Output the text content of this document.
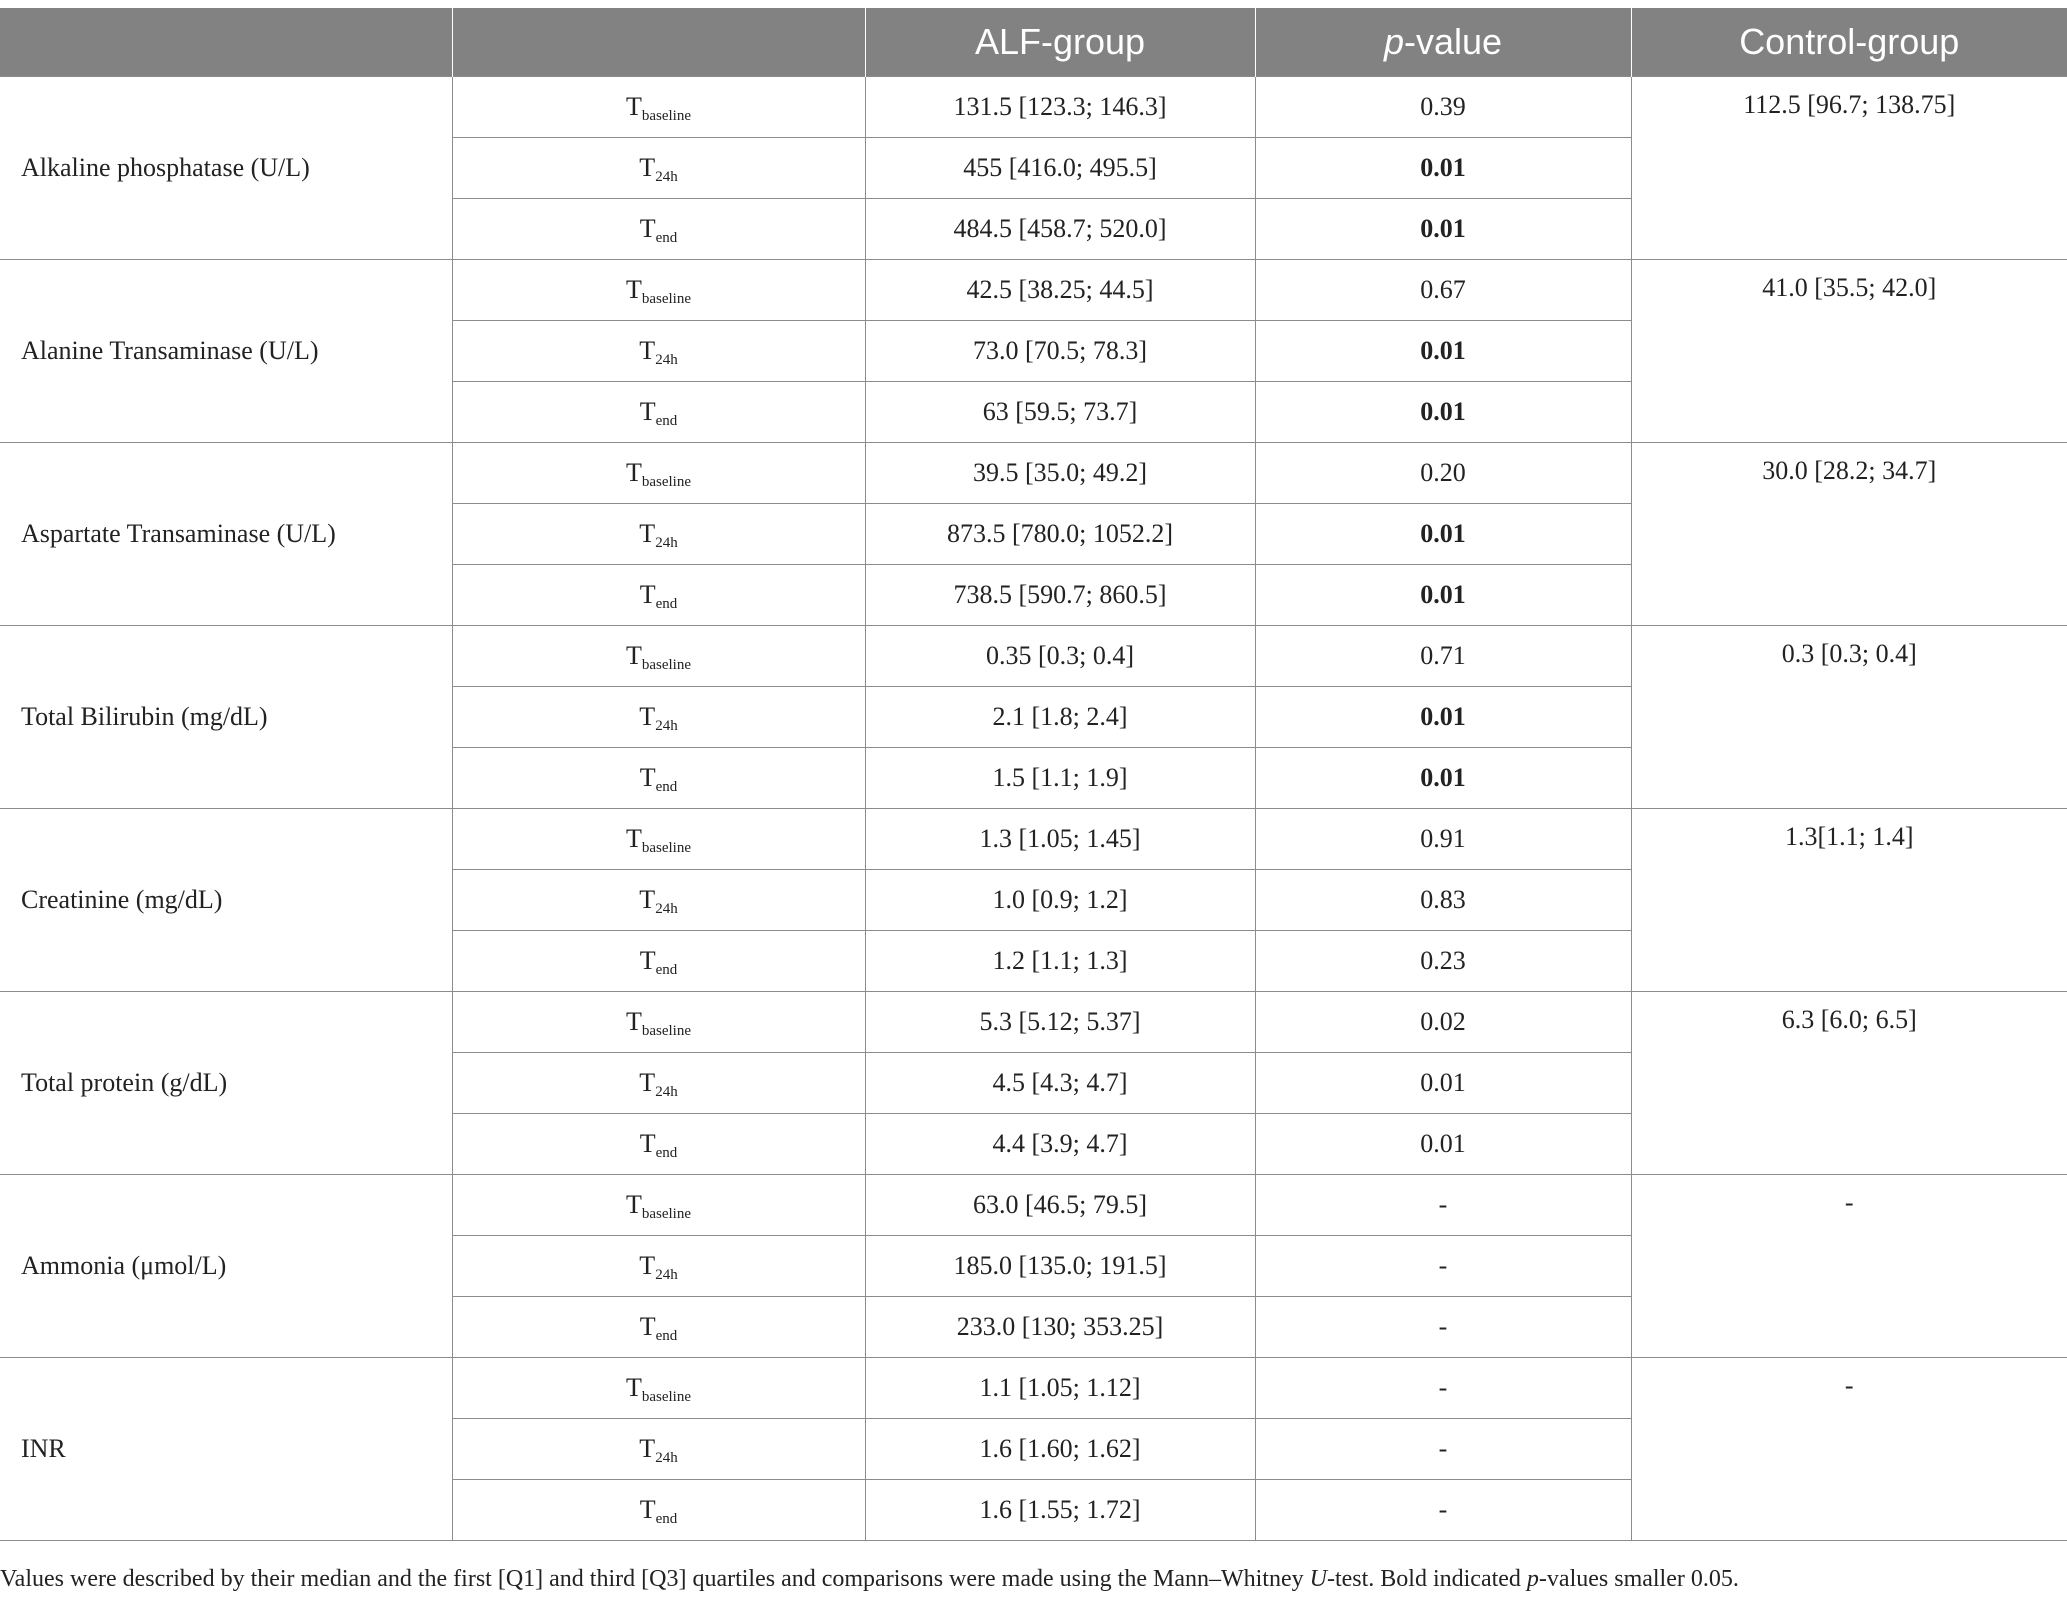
		ALF-group	p-value	Control-group
Alkaline phosphatase (U/L)	$T_{baseline}$	131.5 [123.3; 146.3]	0.39	112.5 [96.7; 138.75]
	$T_{24h}$	455 [416.0; 495.5]	0.01	
	$T_{end}$	484.5 [458.7; 520.0]	0.01	
Alanine Transaminase (U/L)	$T_{baseline}$	42.5 [38.25; 44.5]	0.67	41.0 [35.5; 42.0]
	$T_{24h}$	73.0 [70.5; 78.3]	0.01	
	$T_{end}$	63 [59.5; 73.7]	0.01	
Aspartate Transaminase (U/L)	$T_{baseline}$	39.5 [35.0; 49.2]	0.20	30.0 [28.2; 34.7]
	$T_{24h}$	873.5 [780.0; 1052.2]	0.01	
	$T_{end}$	738.5 [590.7; 860.5]	0.01	
Total Bilirubin (mg/dL)	$T_{baseline}$	0.35 [0.3; 0.4]	0.71	0.3 [0.3; 0.4]
	$T_{24h}$	2.1 [1.8; 2.4]	0.01	
	$T_{end}$	1.5 [1.1; 1.9]	0.01	
Creatinine (mg/dL)	$T_{baseline}$	1.3 [1.05; 1.45]	0.91	1.3[1.1; 1.4]
	$T_{24h}$	1.0 [0.9; 1.2]	0.83	
	$T_{end}$	1.2 [1.1; 1.3]	0.23	
Total protein (g/dL)	$T_{baseline}$	5.3 [5.12; 5.37]	0.02	6.3 [6.0; 6.5]
	$T_{24h}$	4.5 [4.3; 4.7]	0.01	
	$T_{end}$	4.4 [3.9; 4.7]	0.01	
Ammonia (μmol/L)	$T_{baseline}$	63.0 [46.5; 79.5]	-	-
	$T_{24h}$	185.0 [135.0; 191.5]	-	
	$T_{end}$	233.0 [130; 353.25]	-	
INR	$T_{baseline}$	1.1 [1.05; 1.12]	-	-
	$T_{24h}$	1.6 [1.60; 1.62]	-	
	$T_{end}$	1.6 [1.55; 1.72]	-	
Values were described by their median and the first [Q1] and third [Q3] quartiles and comparisons were made using the Mann–Whitney U-test. Bold indicated p-values smaller 0.05.
